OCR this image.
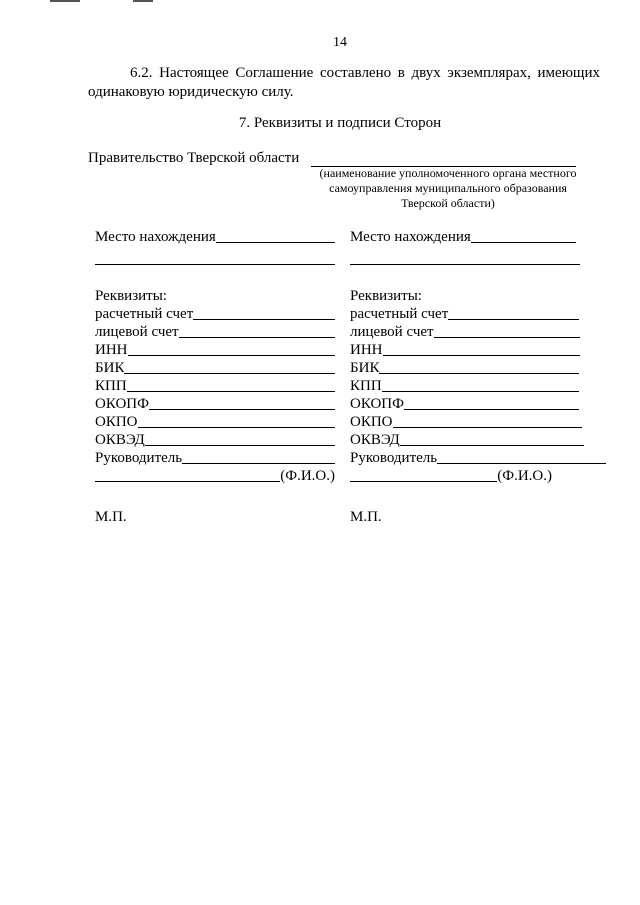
14
6.2. Настоящее Соглашение составлено в двух экземплярах, имеющих одинаковую юридическую силу.
7. Реквизиты и подписи Сторон
Правительство Тверской области
(наименование уполномоченного органа местного самоуправления муниципального образования Тверской области)
Место нахождения
Реквизиты:
расчетный счет
лицевой счет
ИНН
БИК
КПП
ОКОПФ
ОКПО
ОКВЭД
Руководитель
(Ф.И.О.)
М.П.
Место нахождения
Реквизиты:
расчетный счет
лицевой счет
ИНН
БИК
КПП
ОКОПФ
ОКПО
ОКВЭД
Руководитель
(Ф.И.О.)
М.П.
